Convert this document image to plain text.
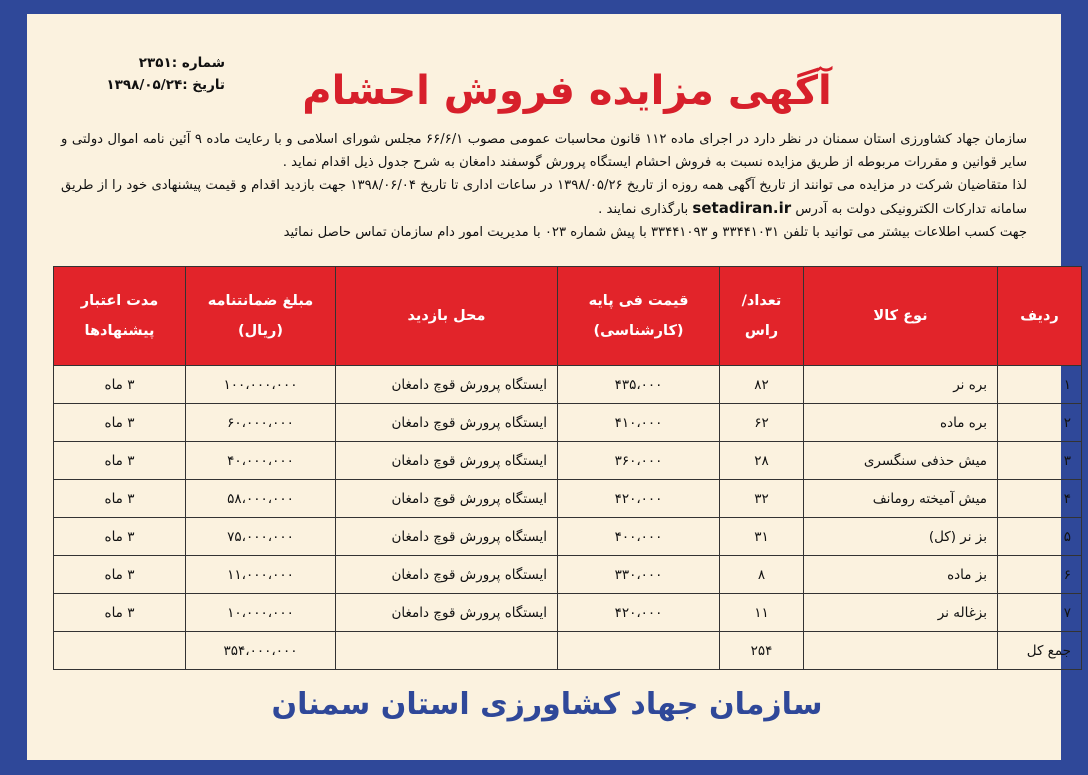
شماره :۲۳۵۱
تاریخ :۱۳۹۸/۰۵/۲۴	آگهی مزایده فروش احشام

سازمان جهاد کشاورزی استان سمنان در نظر دارد در اجرای ماده ۱۱۲ قانون محاسبات عمومی مصوب ۶۶/۶/۱ مجلس شورای اسلامی و با رعایت ماده ۹ آئین نامه اموال دولتی و سایر قوانین و مقررات مربوطه از طریق مزایده نسبت به فروش احشام ایستگاه پرورش گوسفند دامغان به شرح جدول ذیل اقدام نماید .

لذا متقاضیان شرکت در مزایده می توانند از تاریخ آگهی همه روزه از تاریخ ۱۳۹۸/۰۵/۲۶ در ساعات اداری تا تاریخ ۱۳۹۸/۰۶/۰۴ جهت بازدید اقدام و قیمت پیشنهادی خود را از طریق سامانه تدارکات الکترونیکی دولت به آدرس setadiran.ir بارگذاری نمایند .

جهت کسب اطلاعات بیشتر می توانید با تلفن ۳۳۴۴۱۰۳۱ و ۳۳۴۴۱۰۹۳ با پیش شماره ۰۲۳ با مدیریت امور دام سازمان تماس حاصل نمائید

ردیف	نوع کالا	تعداد/ راس	قیمت فی پایه (کارشناسی)	محل بازدید	مبلغ ضمانتنامه (ریال)	مدت اعتبار پیشنهادها
۱	بره نر	۸۲	۴۳۵،۰۰۰	ایستگاه پرورش قوچ دامغان	۱۰۰،۰۰۰،۰۰۰	۳ ماه
۲	بره ماده	۶۲	۴۱۰،۰۰۰	ایستگاه پرورش قوچ دامغان	۶۰،۰۰۰،۰۰۰	۳ ماه
۳	میش حذفی سنگسری	۲۸	۳۶۰،۰۰۰	ایستگاه پرورش قوچ دامغان	۴۰،۰۰۰،۰۰۰	۳ ماه
۴	میش آمیخته رومانف	۳۲	۴۲۰،۰۰۰	ایستگاه پرورش قوچ دامغان	۵۸،۰۰۰،۰۰۰	۳ ماه
۵	بز نر (کل)	۳۱	۴۰۰،۰۰۰	ایستگاه پرورش قوچ دامغان	۷۵،۰۰۰،۰۰۰	۳ ماه
۶	بز ماده	۸	۳۳۰،۰۰۰	ایستگاه پرورش قوچ دامغان	۱۱،۰۰۰،۰۰۰	۳ ماه
۷	بزغاله نر	۱۱	۴۲۰،۰۰۰	ایستگاه پرورش قوچ دامغان	۱۰،۰۰۰،۰۰۰	۳ ماه
جمع کل		۲۵۴			۳۵۴،۰۰۰،۰۰۰	
سازمان جهاد کشاورزی استان سمنان
